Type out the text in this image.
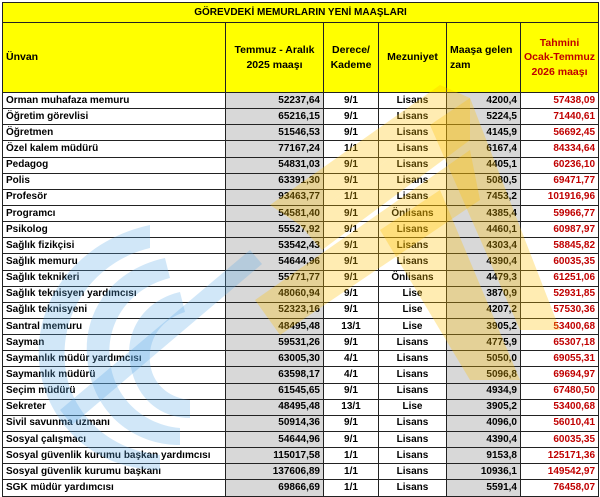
GÖREVDEKİ MEMURLARIN YENİ MAAŞLARI					
Ünvan	Temmuz - Aralık 2025 maaşı	Derece/ Kademe	Mezuniyet	Maaşa gelen zam	Tahmini Ocak-Temmuz 2026 maaşı
Orman muhafaza memuru	52237,64	9/1	Lisans	4200,4	57438,09
Öğretim görevlisi	65216,15	9/1	Lisans	5224,5	71440,61
Öğretmen	51546,53	9/1	Lisans	4145,9	56692,45
Özel kalem müdürü	77167,24	1/1	Lisans	6167,4	84334,64
Pedagog	54831,03	9/1	Lisans	4405,1	60236,10
Polis	63391,30	9/1	Lisans	5080,5	69471,77
Profesör	93463,77	1/1	Lisans	7453,2	101916,96
Programcı	54581,40	9/1	Önlisans	4385,4	59966,77
Psikolog	55527,92	9/1	Lisans	4460,1	60987,97
Sağlık fizikçisi	53542,43	9/1	Lisans	4303,4	58845,82
Sağlık memuru	54644,96	9/1	Lisans	4390,4	60035,35
Sağlık teknikeri	55771,77	9/1	Önlisans	4479,3	61251,06
Sağlık teknisyen yardımcısı	48060,94	9/1	Lise	3870,9	52931,85
Sağlık teknisyeni	52323,16	9/1	Lise	4207,2	57530,36
Santral memuru	48495,48	13/1	Lise	3905,2	53400,68
Sayman	59531,26	9/1	Lisans	4775,9	65307,18
Saymanlık müdür yardımcısı	63005,30	4/1	Lisans	5050,0	69055,31
Saymanlık müdürü	63598,17	4/1	Lisans	5096,8	69694,97
Seçim müdürü	61545,65	9/1	Lisans	4934,9	67480,50
Sekreter	48495,48	13/1	Lise	3905,2	53400,68
Sivil savunma uzmanı	50914,36	9/1	Lisans	4096,0	56010,41
Sosyal çalışmacı	54644,96	9/1	Lisans	4390,4	60035,35
Sosyal güvenlik kurumu başkan yardımcısı	115017,58	1/1	Lisans	9153,8	125171,36
Sosyal güvenlik kurumu başkanı	137606,89	1/1	Lisans	10936,1	149542,97
SGK müdür yardımcısı	69866,69	1/1	Lisans	5591,4	76458,07
